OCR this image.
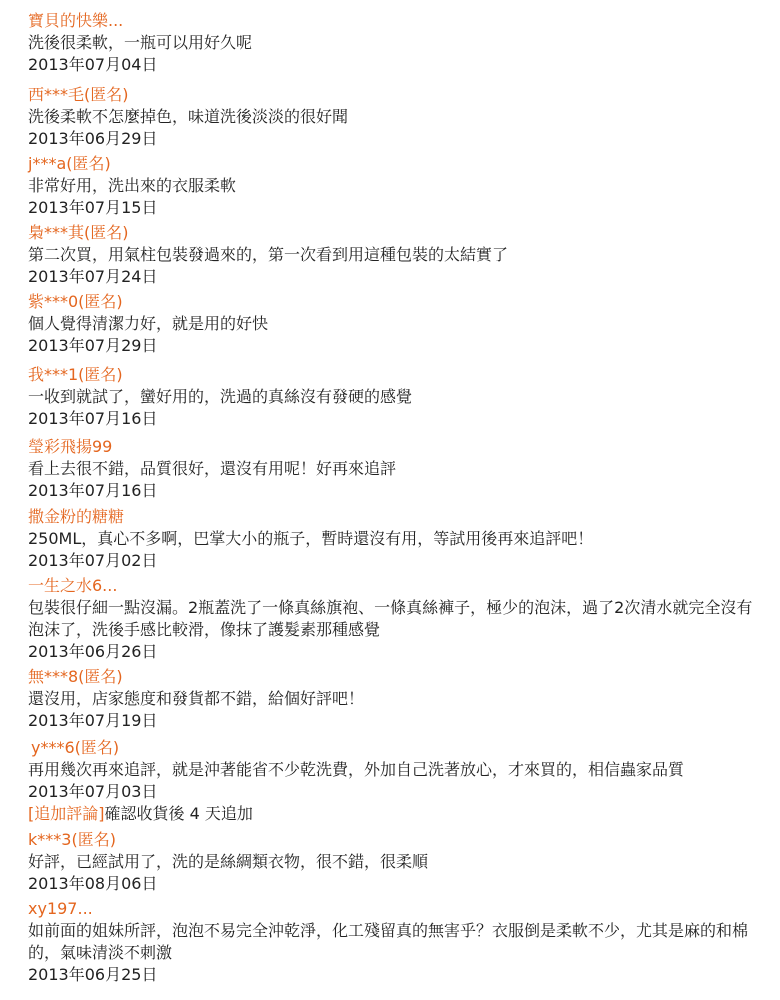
寶貝的快樂...
洗後很柔軟，一瓶可以用好久呢
2013年07月04日
西***毛(匿名)
洗後柔軟不怎麼掉色，味道洗後淡淡的很好聞
2013年06月29日
j***a(匿名)
非常好用，洗出來的衣服柔軟
2013年07月15日
梟***萁(匿名)
第二次買，用氣柱包裝發過來的，第一次看到用這種包裝的太結實了
2013年07月24日
紫***0(匿名)
個人覺得清潔力好，就是用的好快
2013年07月29日
我***1(匿名)
一收到就試了，蠻好用的，洗過的真絲沒有發硬的感覺
2013年07月16日
瑩彩飛揚99
看上去很不錯，品質很好，還沒有用呢！好再來追評
2013年07月16日
撒金粉的糖糖
250ML，真心不多啊，巴掌大小的瓶子，暫時還沒有用，等試用後再來追評吧！
2013年07月02日
一生之水6...
包裝很仔細一點沒漏。2瓶蓋洗了一條真絲旗袍、一條真絲褲子，極少的泡沫，過了2次清水就完全沒有泡沫了，洗後手感比較滑，像抹了護髮素那種感覺
2013年06月26日
無***8(匿名)
還沒用，店家態度和發貨都不錯，給個好評吧！
2013年07月19日
y***6(匿名)
再用幾次再來追評，就是沖著能省不少乾洗費，外加自己洗著放心，才來買的，相信蟲家品質
2013年07月03日
[追加評論]確認收貨後 4 天追加
k***3(匿名)
好評，已經試用了，洗的是絲綢類衣物，很不錯，很柔順
2013年08月06日
xy197...
如前面的姐妹所評，泡泡不易完全沖乾淨，化工殘留真的無害乎？衣服倒是柔軟不少，尤其是麻的和棉的，氣味清淡不刺激
2013年06月25日
